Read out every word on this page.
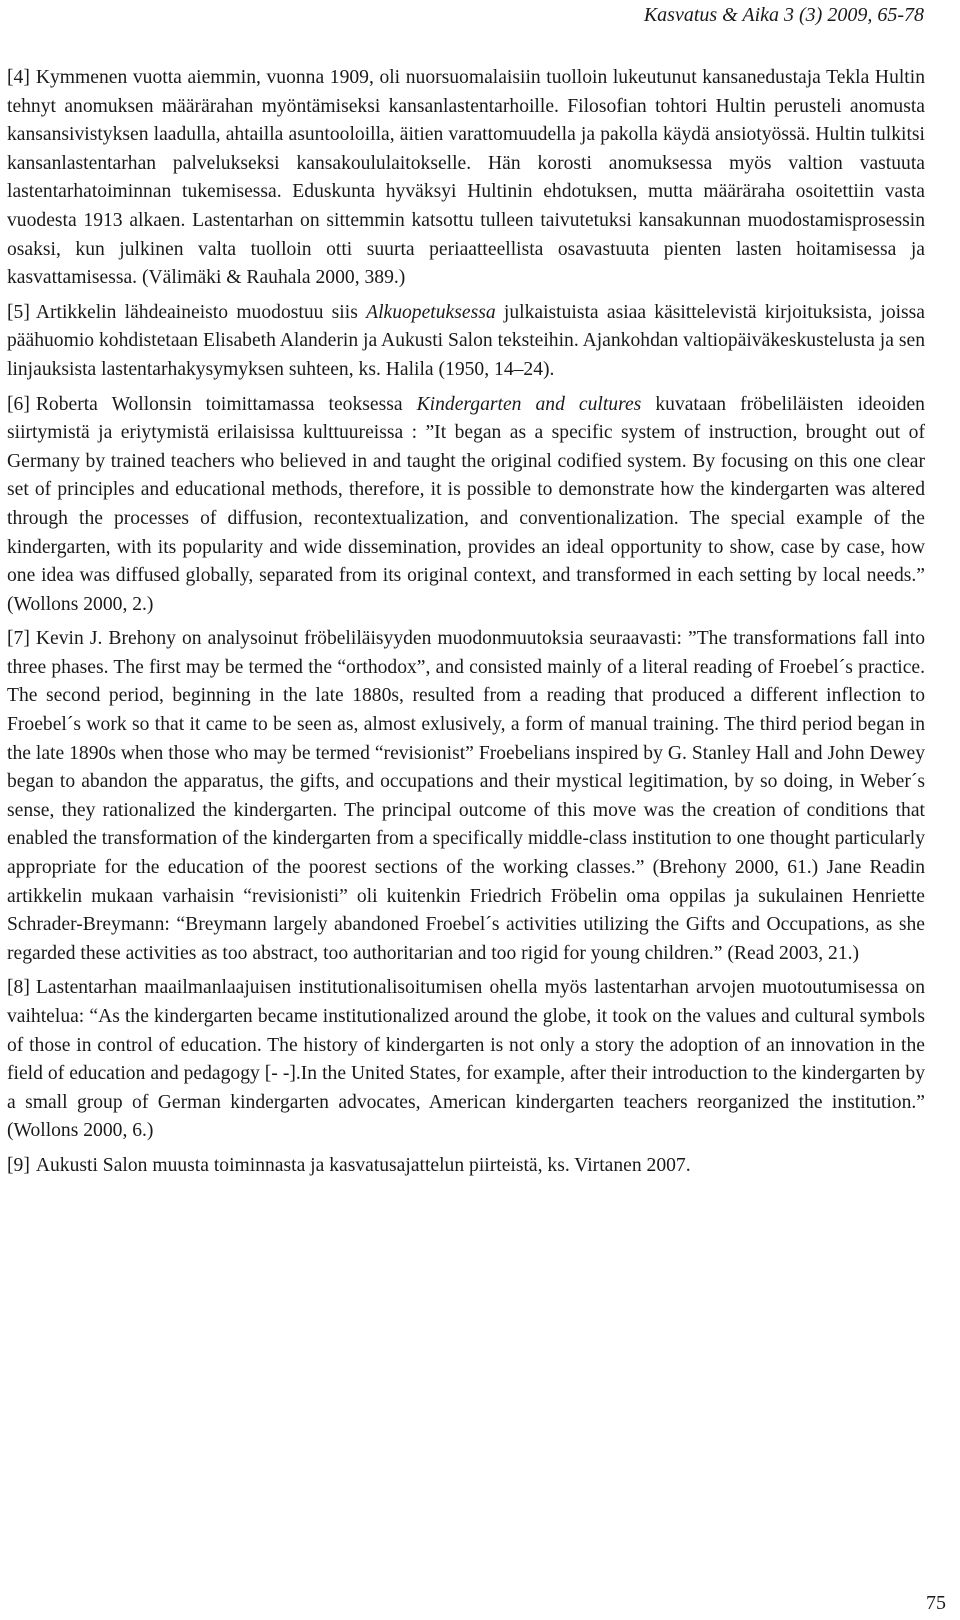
Kasvatus & Aika 3 (3) 2009, 65-78

[4] Kymmenen vuotta aiemmin, vuonna 1909, oli nuorsuomalaisiin tuolloin lukeutunut kansanedustaja Tekla Hultin tehnyt anomuksen määrärahan myöntämiseksi kansanlastentarhoille. Filosofian tohtori Hultin perusteli anomusta kansansivistyksen laadulla, ahtailla asuntooloilla, äitien varattomuudella ja pakolla käydä ansiotyössä. Hultin tulkitsi kansanlastentarhan palvelukseksi kansakoululaitokselle. Hän korosti anomuksessa myös valtion vastuuta lastentarhatoiminnan tukemisessa. Eduskunta hyväksyi Hultinin ehdotuksen, mutta määräraha osoitettiin vasta vuodesta 1913 alkaen. Lastentarhan on sittemmin katsottu tulleen taivutetuksi kansakunnan muodostamisprosessin osaksi, kun julkinen valta tuolloin otti suurta periaatteellista osavastuuta pienten lasten hoitamisessa ja kasvattamisessa. (Välimäki & Rauhala 2000, 389.)

[5] Artikkelin lähdeaineisto muodostuu siis Alkuopetuksessa julkaistuista asiaa käsittelevistä kirjoituksista, joissa päähuomio kohdistetaan Elisabeth Alanderin ja Aukusti Salon teksteihin. Ajankohdan valtiopäiväkeskustelusta ja sen linjauksista lastentarhakysymyksen suhteen, ks. Halila (1950, 14–24).

[6] Roberta Wollonsin toimittamassa teoksessa Kindergarten and cultures kuvataan fröbeliläisten ideoiden siirtymistä ja eriytymistä erilaisissa kulttuureissa : ”It began as a specific system of instruction, brought out of Germany by trained teachers who believed in and taught the original codified system. By focusing on this one clear set of principles and educational methods, therefore, it is possible to demonstrate how the kindergarten was altered through the processes of diffusion, recontextualization, and conventionalization. The special example of the kindergarten, with its popularity and wide dissemination, provides an ideal opportunity to show, case by case, how one idea was diffused globally, separated from its original context, and transformed in each setting by local needs.” (Wollons 2000, 2.)

[7] Kevin J. Brehony on analysoinut fröbeliläisyyden muodonmuutoksia seuraavasti: ”The transformations fall into three phases. The first may be termed the “orthodox”, and consisted mainly of a literal reading of Froebel´s practice. The second period, beginning in the late 1880s, resulted from a reading that produced a different inflection to Froebel´s work so that it came to be seen as, almost exlusively, a form of manual training. The third period began in the late 1890s when those who may be termed “revisionist” Froebelians inspired by G. Stanley Hall and John Dewey began to abandon the apparatus, the gifts, and occupations and their mystical legitimation, by so doing, in Weber´s sense, they rationalized the kindergarten. The principal outcome of this move was the creation of conditions that enabled the transformation of the kindergarten from a specifically middle-class institution to one thought particularly appropriate for the education of the poorest sections of the working classes.” (Brehony 2000, 61.) Jane Readin artikkelin mukaan varhaisin “revisionisti” oli kuitenkin Friedrich Fröbelin oma oppilas ja sukulainen Henriette Schrader-Breymann: “Breymann largely abandoned Froebel´s activities utilizing the Gifts and Occupations, as she regarded these activities as too abstract, too authoritarian and too rigid for young children.” (Read 2003, 21.)

[8] Lastentarhan maailmanlaajuisen institutionalisoitumisen ohella myös lastentarhan arvojen muotoutumisessa on vaihtelua: “As the kindergarten became institutionalized around the globe, it took on the values and cultural symbols of those in control of education. The history of kindergarten is not only a story the adoption of an innovation in the field of education and pedagogy [- -].In the United States, for example, after their introduction to the kindergarten by a small group of German kindergarten advocates, American kindergarten teachers reorganized the institution.” (Wollons 2000, 6.)

[9] Aukusti Salon muusta toiminnasta ja kasvatusajattelun piirteistä, ks. Virtanen 2007.

75
